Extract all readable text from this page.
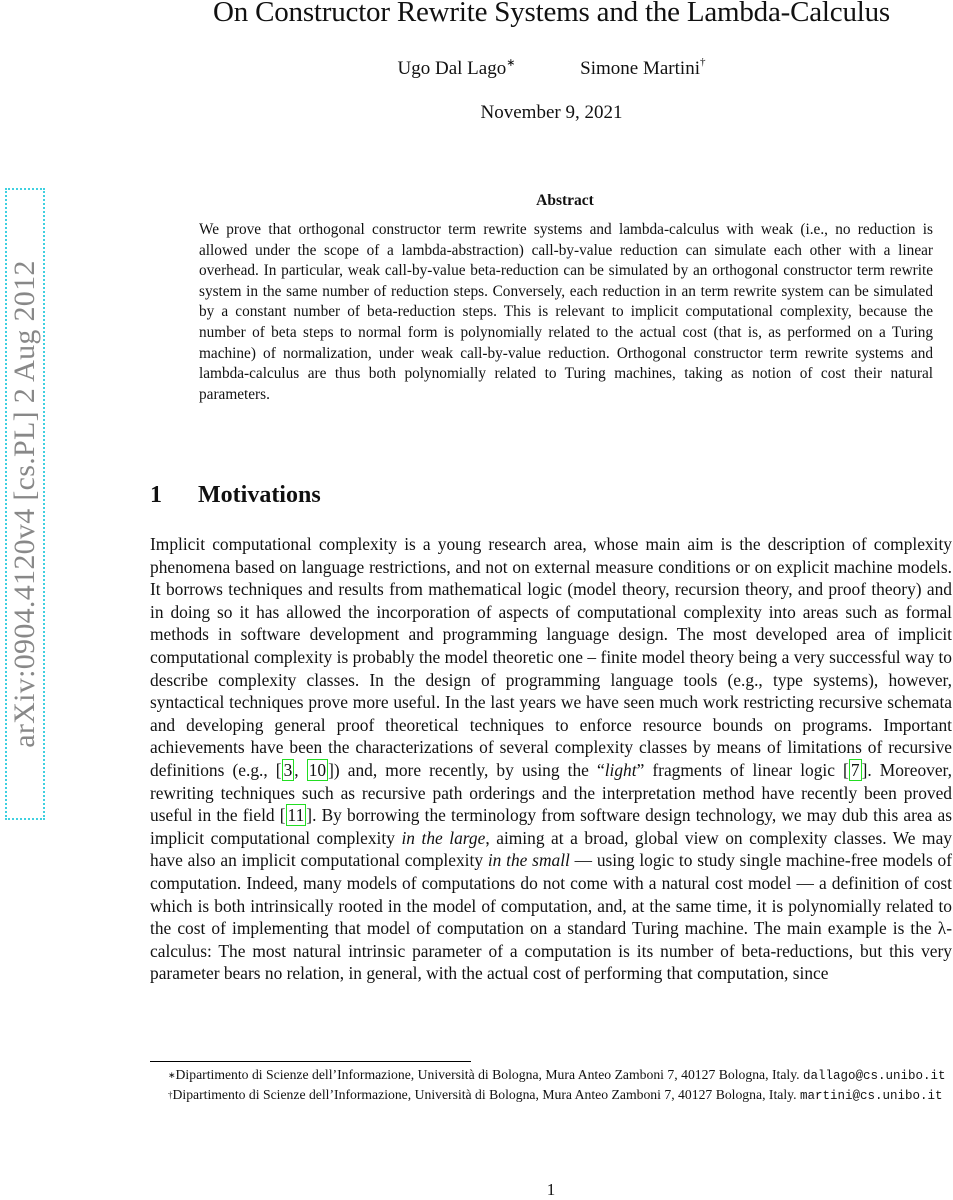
On Constructor Rewrite Systems and the Lambda-Calculus
Ugo Dal Lago∗	Simone Martini†
November 9, 2021
arXiv:0904.4120v4 [cs.PL] 2 Aug 2012
Abstract
We prove that orthogonal constructor term rewrite systems and lambda-calculus with weak (i.e., no reduction is allowed under the scope of a lambda-abstraction) call-by-value reduction can simulate each other with a linear overhead. In particular, weak call-by-value beta-reduction can be simulated by an orthogonal constructor term rewrite system in the same number of reduction steps. Conversely, each reduction in an term rewrite system can be simulated by a constant number of beta-reduction steps. This is relevant to implicit computational complexity, because the number of beta steps to normal form is polynomially related to the actual cost (that is, as performed on a Turing machine) of normalization, under weak call-by-value reduction. Orthogonal constructor term rewrite systems and lambda-calculus are thus both polynomially related to Turing machines, taking as notion of cost their natural parameters.
1 Motivations
Implicit computational complexity is a young research area, whose main aim is the description of complexity phenomena based on language restrictions, and not on external measure conditions or on explicit machine models. It borrows techniques and results from mathematical logic (model theory, recursion theory, and proof theory) and in doing so it has allowed the incorporation of aspects of computational complexity into areas such as formal methods in software development and programming language design. The most developed area of implicit computational complexity is probably the model theoretic one – finite model theory being a very successful way to describe complexity classes. In the design of programming language tools (e.g., type systems), however, syntactical techniques prove more useful. In the last years we have seen much work restricting recursive schemata and developing general proof theoretical techniques to enforce resource bounds on programs. Important achievements have been the characterizations of several complexity classes by means of limitations of recursive definitions (e.g., [ 3 , 10 ]) and, more recently, by using the “light” fragments of linear logic [ 7 ]. Moreover, rewriting techniques such as recursive path orderings and the interpretation method have recently been proved useful in the field [ 11 ]. By borrowing the terminology from software design technology, we may dub this area as implicit computational complexity in the large, aiming at a broad, global view on complexity classes. We may have also an implicit computational complexity in the small — using logic to study single machine-free models of computation. Indeed, many models of computations do not come with a natural cost model — a definition of cost which is both intrinsically rooted in the model of computation, and, at the same time, it is polynomially related to the cost of implementing that model of computation on a standard Turing machine. The main example is the λ-calculus: The most natural intrinsic parameter of a computation is its number of beta-reductions, but this very parameter bears no relation, in general, with the actual cost of performing that computation, since

∗Dipartimento di Scienze dell’Informazione, Università di Bologna, Mura Anteo Zamboni 7, 40127 Bologna, Italy. dallago@cs.unibo.it

†Dipartimento di Scienze dell’Informazione, Università di Bologna, Mura Anteo Zamboni 7, 40127 Bologna, Italy. martini@cs.unibo.it

1
